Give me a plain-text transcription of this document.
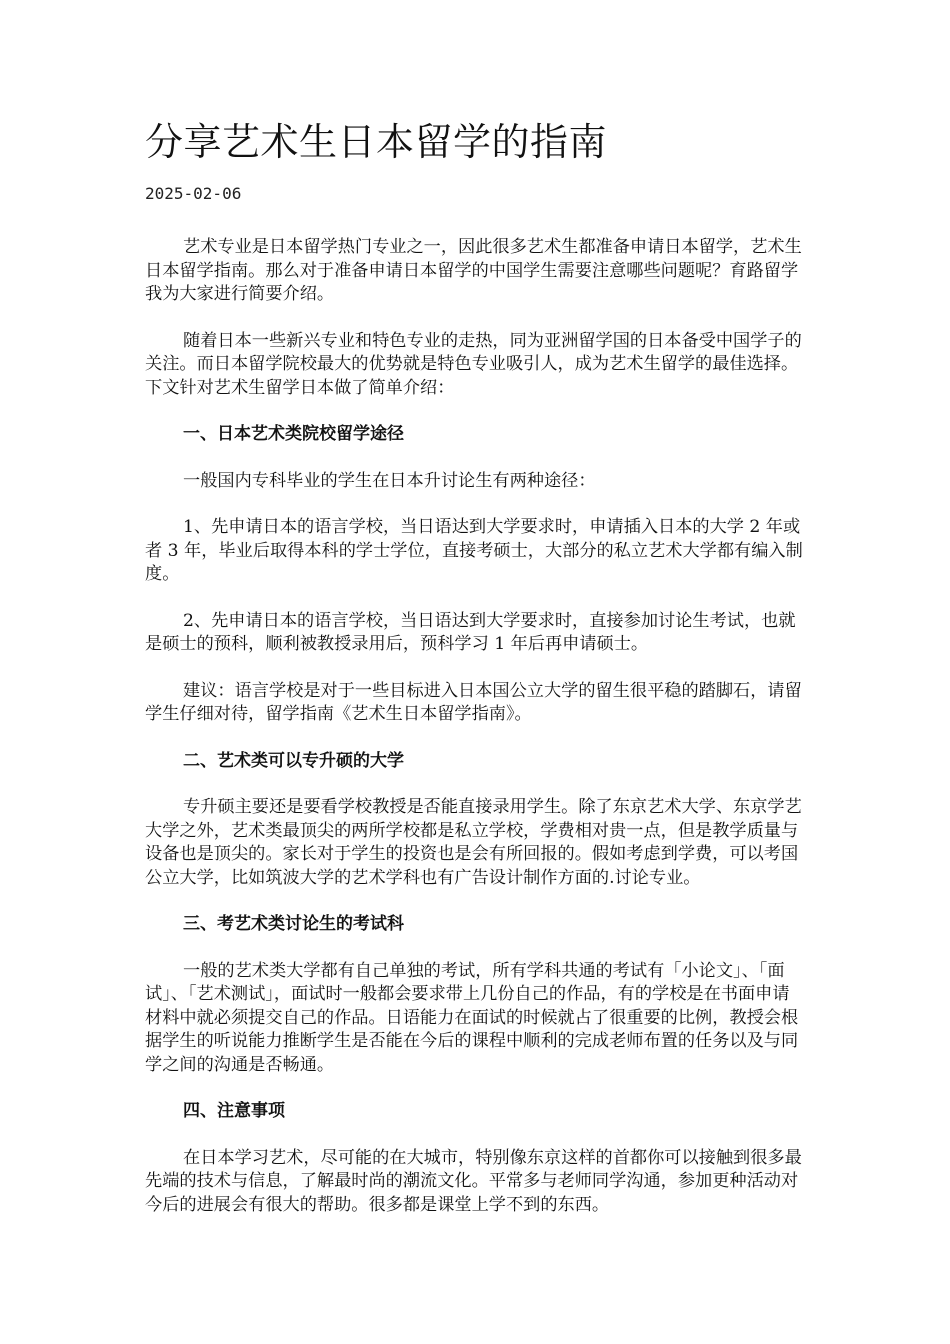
分享艺术生日本留学的指南

2025-02-06

艺术专业是日本留学热门专业之一，因此很多艺术生都准备申请日本留学，艺术生日本留学指南。那么对于准备申请日本留学的中国学生需要注意哪些问题呢？育路留学我为大家进行简要介绍。

随着日本一些新兴专业和特色专业的走热，同为亚洲留学国的日本备受中国学子的关注。而日本留学院校最大的优势就是特色专业吸引人，成为艺术生留学的最佳选择。下文针对艺术生留学日本做了简单介绍：

一、日本艺术类院校留学途径

一般国内专科毕业的学生在日本升讨论生有两种途径：

1、先申请日本的语言学校，当日语达到大学要求时，申请插入日本的大学 2 年或者 3 年，毕业后取得本科的学士学位，直接考硕士，大部分的私立艺术大学都有编入制度。

2、先申请日本的语言学校，当日语达到大学要求时，直接参加讨论生考试，也就是硕士的预科，顺利被教授录用后，预科学习 1 年后再申请硕士。

建议：语言学校是对于一些目标进入日本国公立大学的留生很平稳的踏脚石，请留学生仔细对待，留学指南《艺术生日本留学指南》。

二、艺术类可以专升硕的大学

专升硕主要还是要看学校教授是否能直接录用学生。除了东京艺术大学、东京学艺大学之外，艺术类最顶尖的两所学校都是私立学校，学费相对贵一点，但是教学质量与设备也是顶尖的。家长对于学生的投资也是会有所回报的。假如考虑到学费，可以考国公立大学，比如筑波大学的艺术学科也有广告设计制作方面的.讨论专业。

三、考艺术类讨论生的考试科

一般的艺术类大学都有自己单独的考试，所有学科共通的考试有「小论文」、「面试」、「艺术测试」，面试时一般都会要求带上几份自己的作品，有的学校是在书面申请材料中就必须提交自己的作品。日语能力在面试的时候就占了很重要的比例，教授会根据学生的听说能力推断学生是否能在今后的课程中顺利的完成老师布置的任务以及与同学之间的沟通是否畅通。

四、注意事项

在日本学习艺术，尽可能的在大城市，特别像东京这样的首都你可以接触到很多最先端的技术与信息，了解最时尚的潮流文化。平常多与老师同学沟通，参加更种活动对今后的进展会有很大的帮助。很多都是课堂上学不到的东西。
